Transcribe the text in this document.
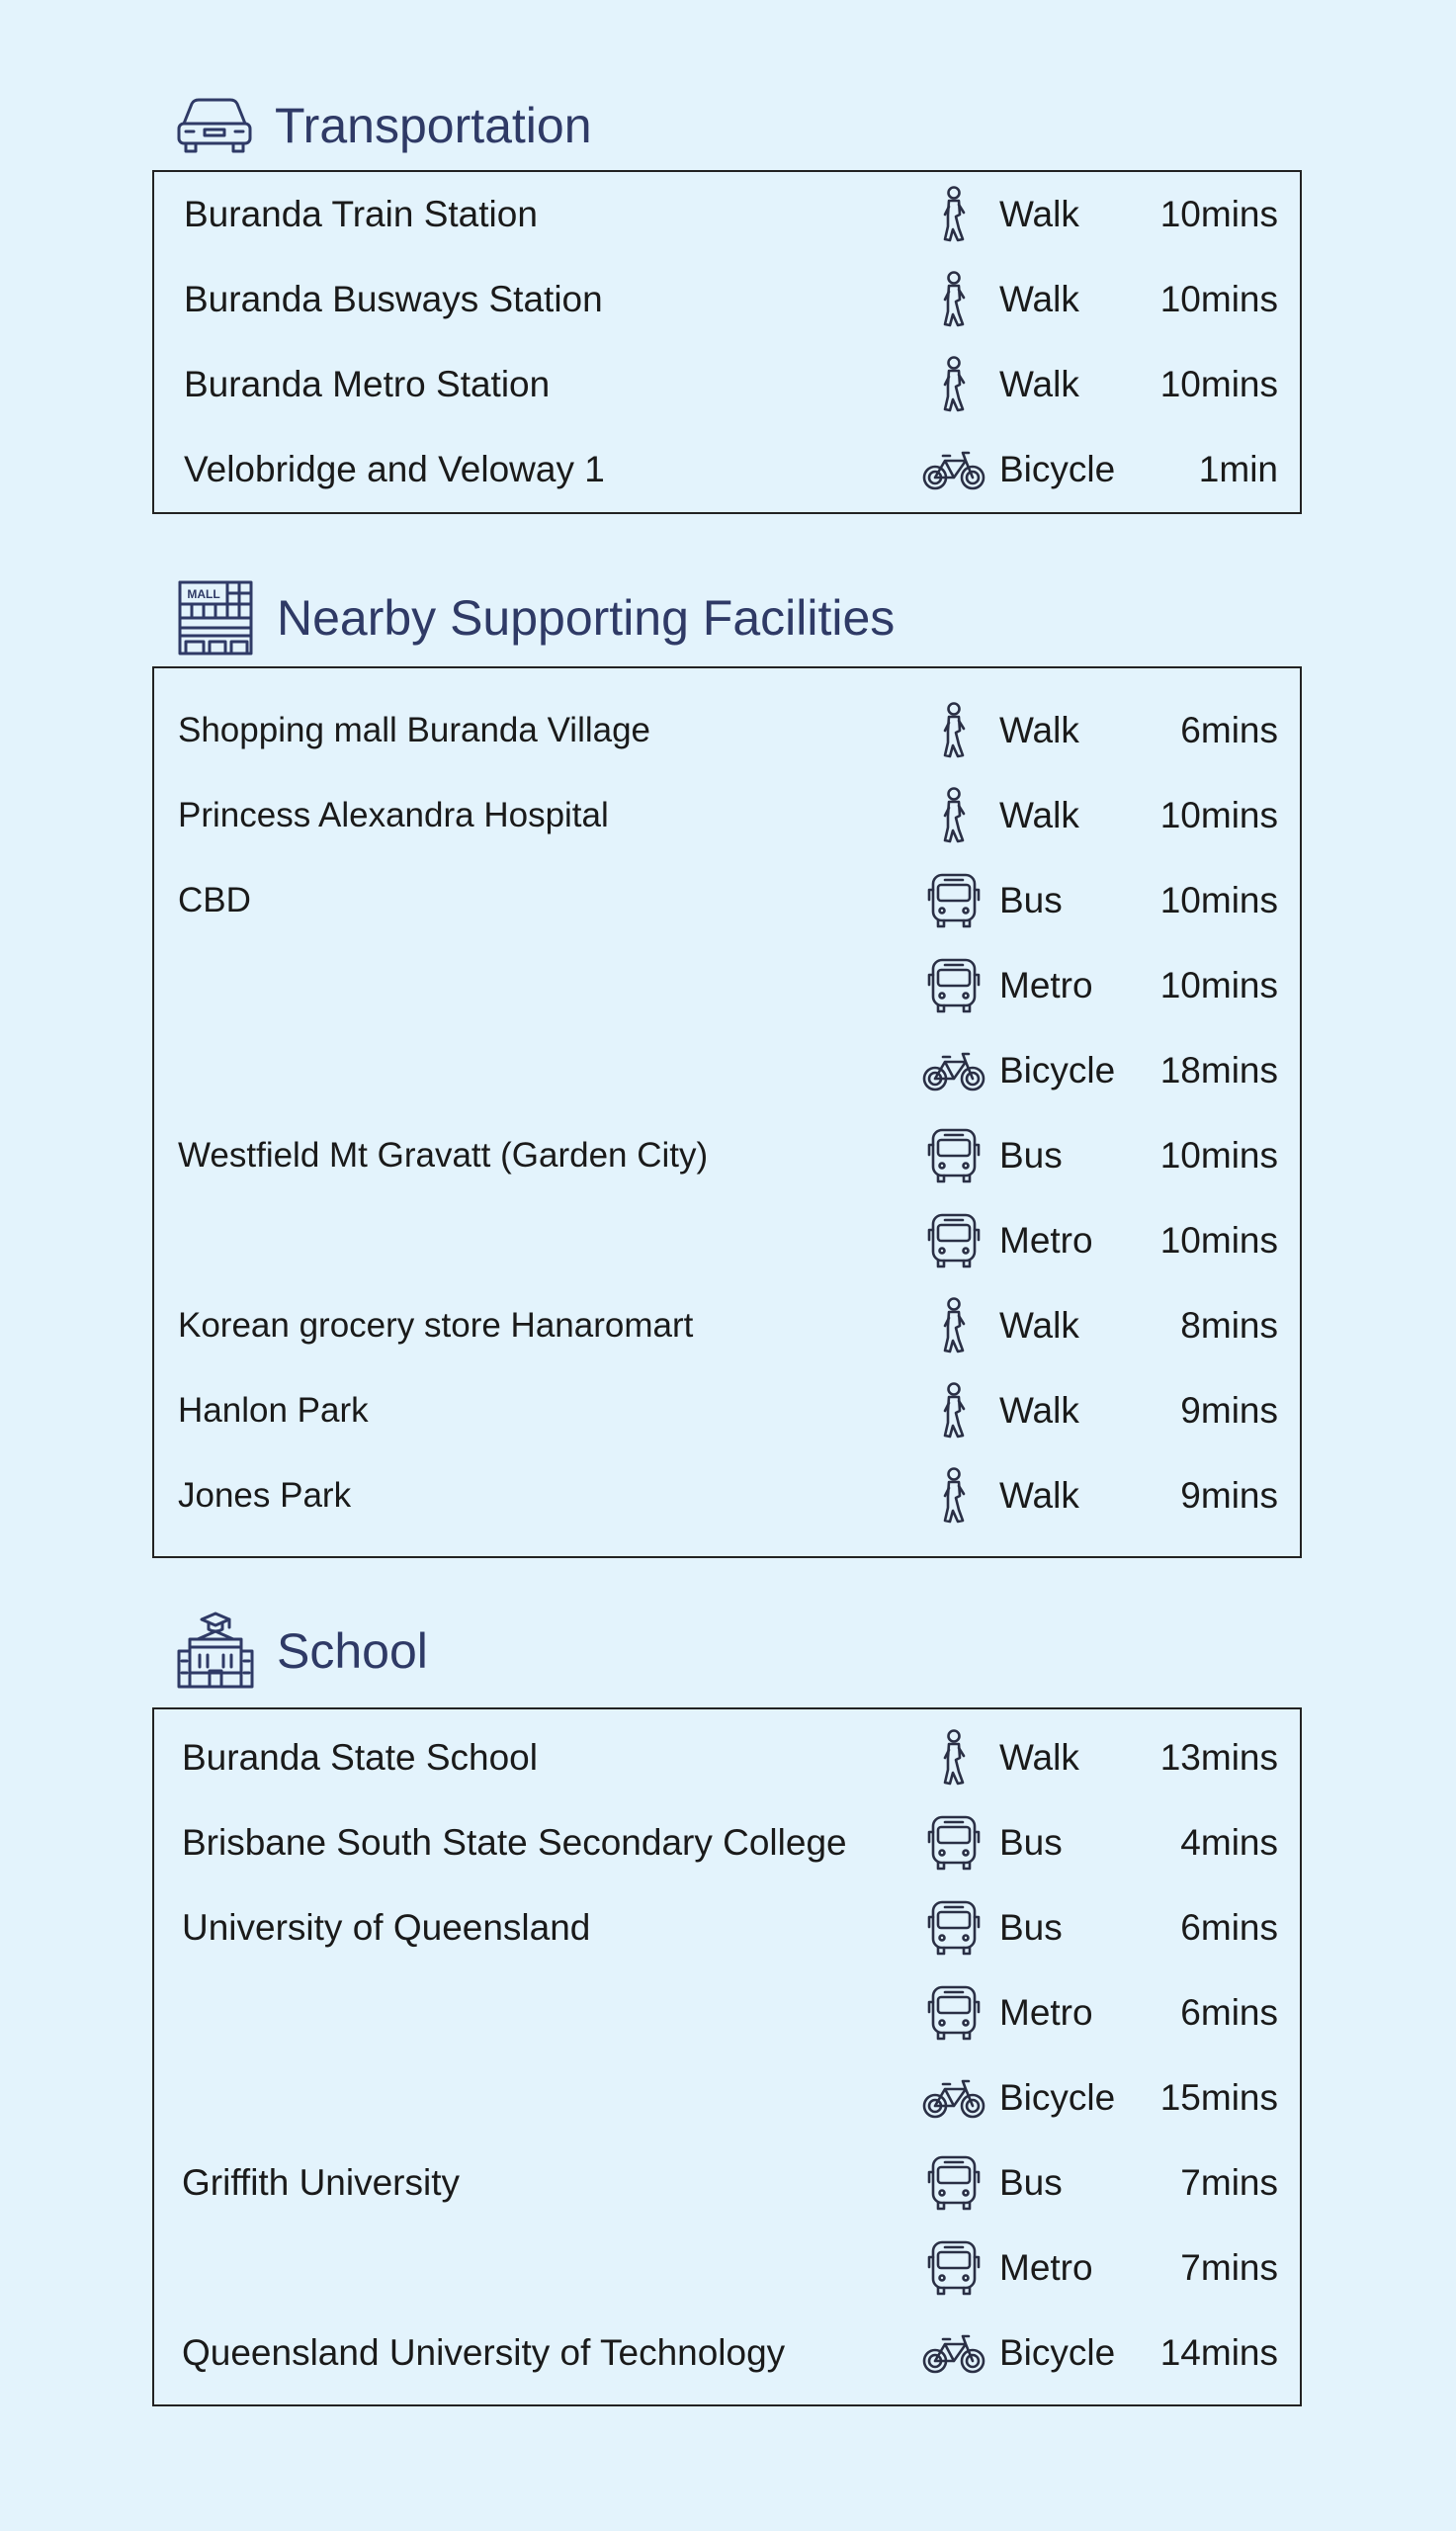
Transportation
Buranda Train Station	Walk 10mins
Buranda Busways Station	Walk 10mins
Buranda Metro Station	Walk 10mins
Velobridge and Veloway 1	Bicycle 1min
MALL Nearby Supporting Facilities
Shopping mall Buranda Village	Walk	6mins
Princess Alexandra Hospital	Walk 10mins
CBD	Bus	10mins
Metro 10mins
Bicycle 18mins
Westfield Mt Gravatt (Garden City)	Bus	10mins
Metro 10mins
Korean grocery store Hanaromart	Walk	8mins
Hanlon Park	Walk	9mins
Jones Park	Walk	9mins
School
Buranda State School	Walk 13mins
Brisbane South State Secondary College	Bus	4mins
University of Queensland	Bus	6mins
Metro 6mins
Bicycle 15mins
Griffith University	Bus	7mins
Metro 7mins
Queensland University of Technology	Bicycle 14mins
